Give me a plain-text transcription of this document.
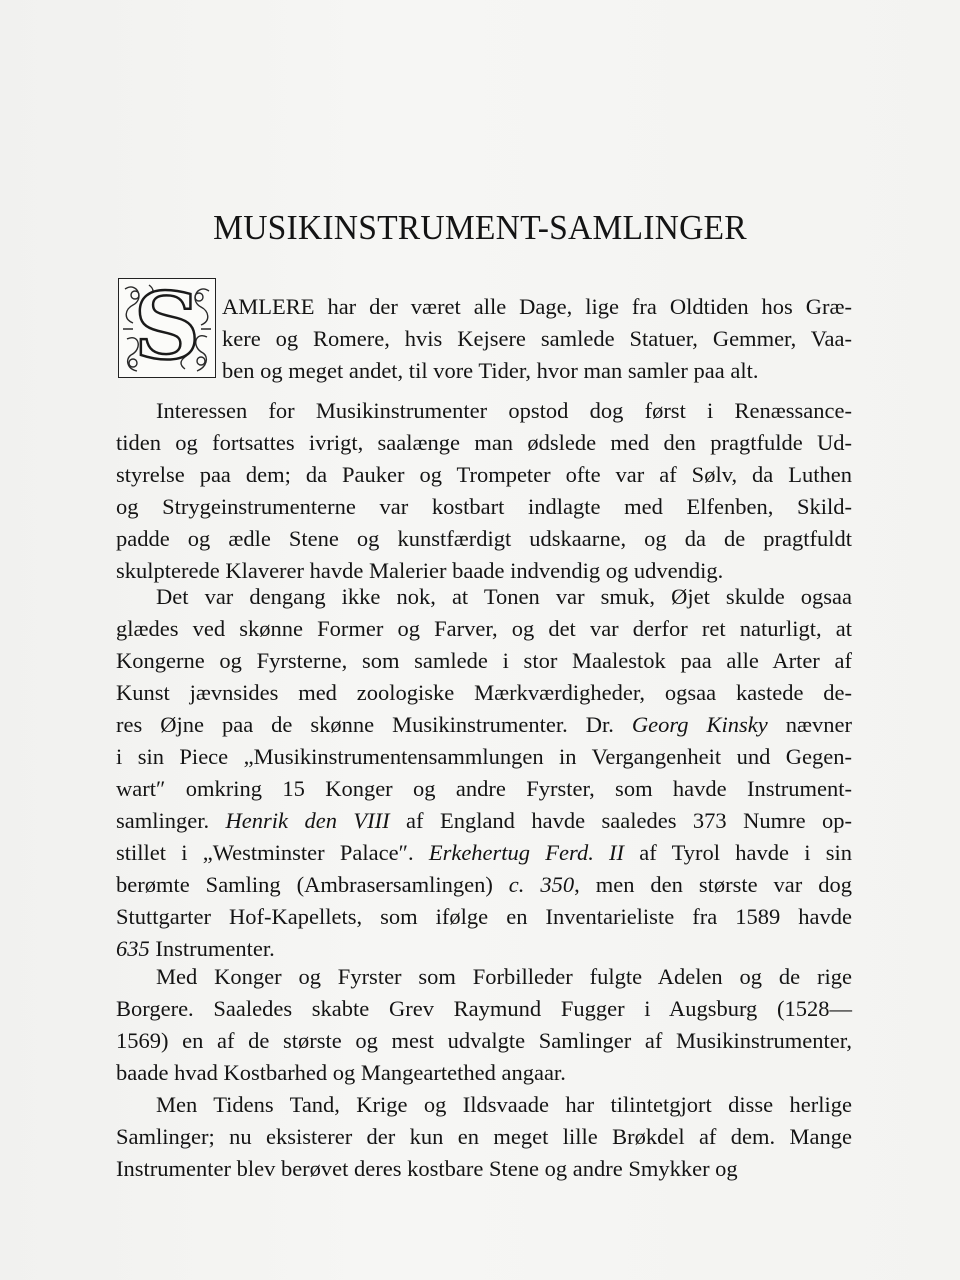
MUSIKINSTRUMENT-SAMLINGER
S AMLERE har der været alle Dage, lige fra Oldtiden hos Græ-
kere og Romere, hvis Kejsere samlede Statuer, Gemmer, Vaa-
ben og meget andet, til vore Tider, hvor man samler paa alt.
Interessen for Musikinstrumenter opstod dog først i Renæssance-
tiden og fortsattes ivrigt, saalænge man ødslede med den pragtfulde Ud-
styrelse paa dem; da Pauker og Trompeter ofte var af Sølv, da Luthen
og Strygeinstrumenterne var kostbart indlagte med Elfenben, Skild-
padde og ædle Stene og kunstfærdigt udskaarne, og da de pragtfuldt
skulpterede Klaverer havde Malerier baade indvendig og udvendig.
Det var dengang ikke nok, at Tonen var smuk, Øjet skulde ogsaa
glædes ved skønne Former og Farver, og det var derfor ret naturligt, at
Kongerne og Fyrsterne, som samlede i stor Maalestok paa alle Arter af
Kunst jævnsides med zoologiske Mærkværdigheder, ogsaa kastede de-
res Øjne paa de skønne Musikinstrumenter. Dr. Georg Kinsky nævner
i sin Piece „Musikinstrumentensammlungen in Vergangenheit und Gegen-
wart″ omkring 15 Konger og andre Fyrster, som havde Instrument-
samlinger. Henrik den VIII af England havde saaledes 373 Numre op-
stillet i „Westminster Palace″. Erkehertug Ferd. II af Tyrol havde i sin
berømte Samling (Ambrasersamlingen) c. 350, men den største var dog
Stuttgarter Hof-Kapellets, som ifølge en Inventarieliste fra 1589 havde
635 Instrumenter.
Med Konger og Fyrster som Forbilleder fulgte Adelen og de rige
Borgere. Saaledes skabte Grev Raymund Fugger i Augsburg (1528—
1569) en af de største og mest udvalgte Samlinger af Musikinstrumenter,
baade hvad Kostbarhed og Mangeartethed angaar.
Men Tidens Tand, Krige og Ildsvaade har tilintetgjort disse herlige
Samlinger; nu eksisterer der kun en meget lille Brøkdel af dem. Mange
Instrumenter blev berøvet deres kostbare Stene og andre Smykker og
